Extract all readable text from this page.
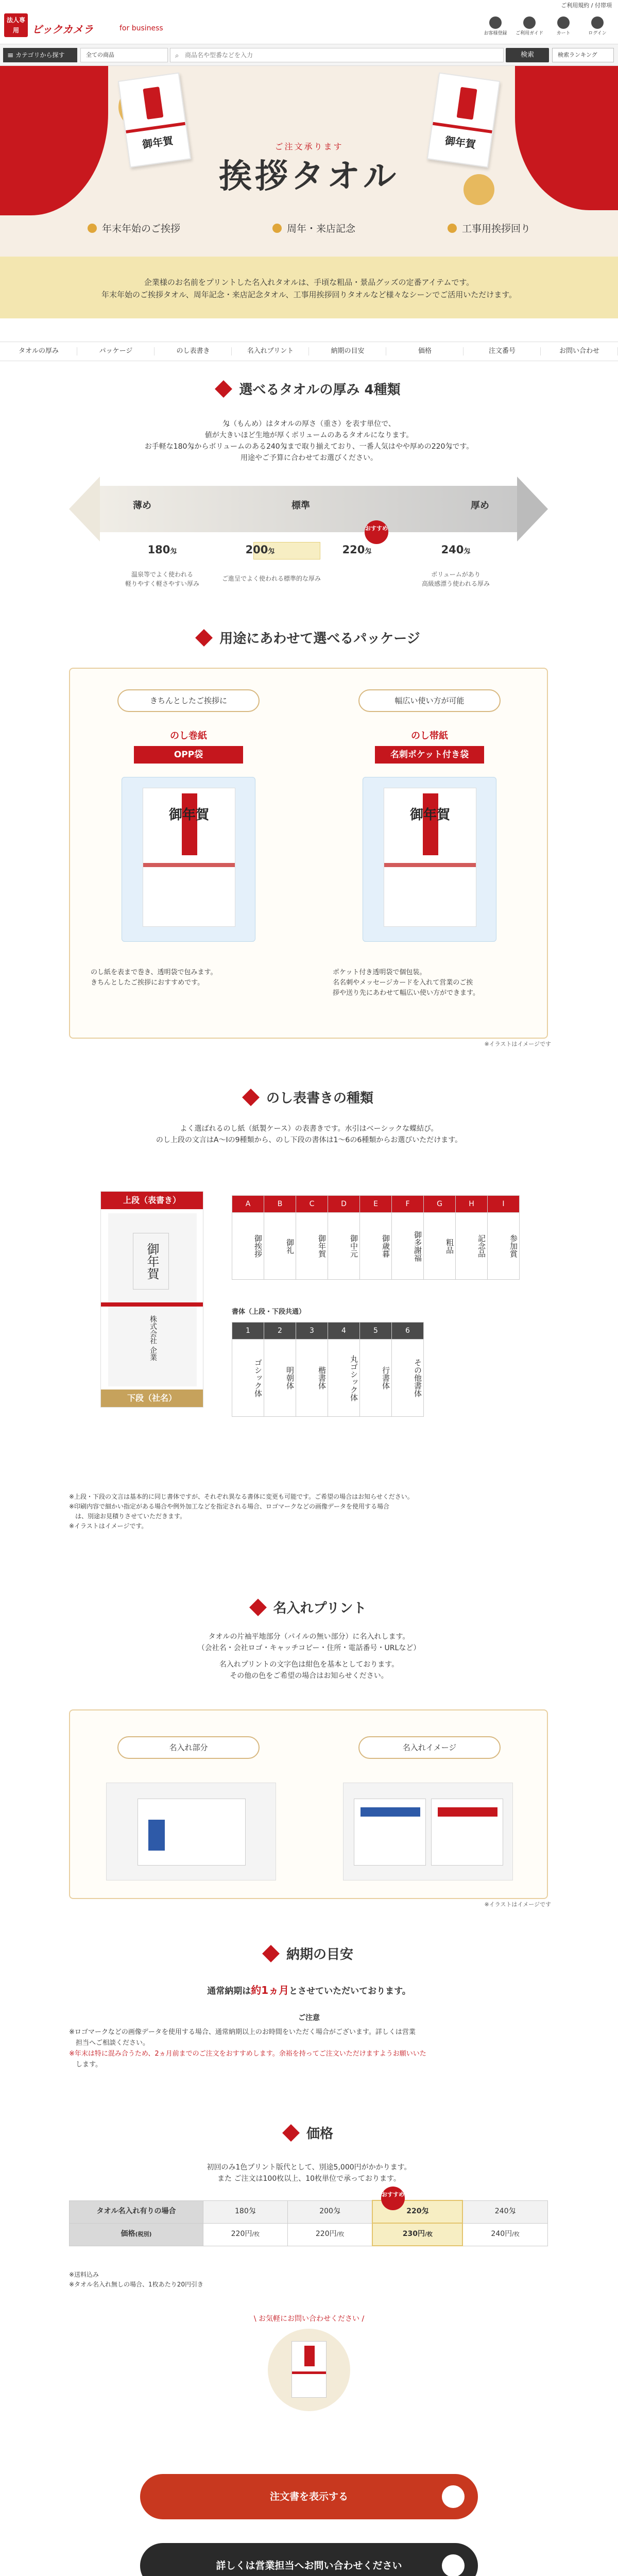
ご利用規約 / 付帯項
法人専用	ビックカメラ	for business
お客様登録	ご利用ガイド	カート	ログイン
≡ カテゴリから探す	全ての商品
商品名や型番などを入力	⌕	検索	検索ランキング
御年賀	御年賀
ご注文承ります
挨拶タオル
年末年始のご挨拶	周年・来店記念	工事用挨拶回り
企業様のお名前をプリントした名入れタオルは、手頃な粗品・景品グッズの定番アイテムです。
年末年始のご挨拶タオル、周年記念・来店記念タオル、工事用挨拶回りタオルなど様々なシーンでご活用いただけます。
タオルの厚み	パッケージ	のし表書き	名入れプリント	納期の目安	価格	注文番号	お問い合わせ
選べるタオルの厚み 4種類
匁（もんめ）はタオルの厚さ（重さ）を表す単位で、
値が大きいほど生地が厚くボリュームのあるタオルになります。
お手軽な180匁からボリュームのある240匁まで取り揃えており、一番人気はやや厚めの220匁です。
用途やご予算に合わせてお選びください。
薄め	標準	厚め
おすすめ
180匁	200匁	220匁	240匁
温泉等でよく使われる
軽りやすく軽さやすい厚み
ご進呈でよく使われる標準的な厚み
ボリュームがあり
高級感漂う使われる厚み
用途にあわせて選べるパッケージ
きちんとしたご挨拶に	幅広い使い方が可能
のし巻紙	のし帯紙
OPP袋	名刺ポケット付き袋
御年賀	御年賀
のし紙を表まで巻き、透明袋で包みます。
きちんとしたご挨拶におすすめです。
ポケット付き透明袋で個包装。
名名刺やメッセージカードを入れて営業のご挨
拶や送り先にあわせて幅広い使い方ができます。
※イラストはイメージです
のし表書きの種類
よく選ばれるのし紙（紙製ケース）の表書きです。水引はベーシックな蝶結び。
のし上段の文言はA〜Iの9種類から、のし下段の書体は1〜6の6種類からお選びいただけます。
上段（表書き）
御年賀
株式会社 企業
下段（社名）
A	B	C	D	E	F	G	H	I
御挨拶	御礼	御年賀	御中元	御歳暮	御多謝福	粗品	記念品	参加賞
書体（上段・下段共通）
1	2	3	4	5	6
ゴシック体	明朝体	楷書体	丸ゴシック体	行書体	その他書体
※上段・下段の文言は基本的に同じ書体ですが、それぞれ異なる書体に変更も可能です。ご希望の場合はお知らせください。
※印刷内容で細かい指定がある場合や例外加工などを指定される場合、ロゴマークなどの画像データを使用する場合
　は、別途お見積りさせていただきます。
※イラストはイメージです。
名入れプリント
タオルの片袖平地部分（パイルの無い部分）に名入れします。
（会社名・会社ロゴ・キャッチコピー・住所・電話番号・URLなど）
名入れプリントの文字色は紺色を基本としております。
その他の色をご希望の場合はお知らせください。
名入れ部分	名入れイメージ
※イラストはイメージです
納期の目安
通常納期は約1ヵ月とさせていただいております。
ご注意
※ロゴマークなどの画像データを使用する場合、通常納期以上のお時間をいただく場合がございます。詳しくは営業
　担当へご相談ください。
※年末は特に混み合うため、2ヵ月前までのご注文をおすすめします。余裕を持ってご注文いただけますようお願いいた
　します。
価格
初回のみ1色プリント版代として、別途5,000円がかかります。
また ご注文は100枚以上、10枚単位で承っております。
おすすめ
タオル名入れ有りの場合	180匁	200匁	220匁	240匁
価格(税別)	220円/枚	220円/枚	230円/枚	240円/枚
※送料込み
※タオル名入れ無しの場合、1枚あたり20円引き
\ お気軽にお問い合わせください /
注文書を表示する
詳しくは営業担当へお問い合わせください
